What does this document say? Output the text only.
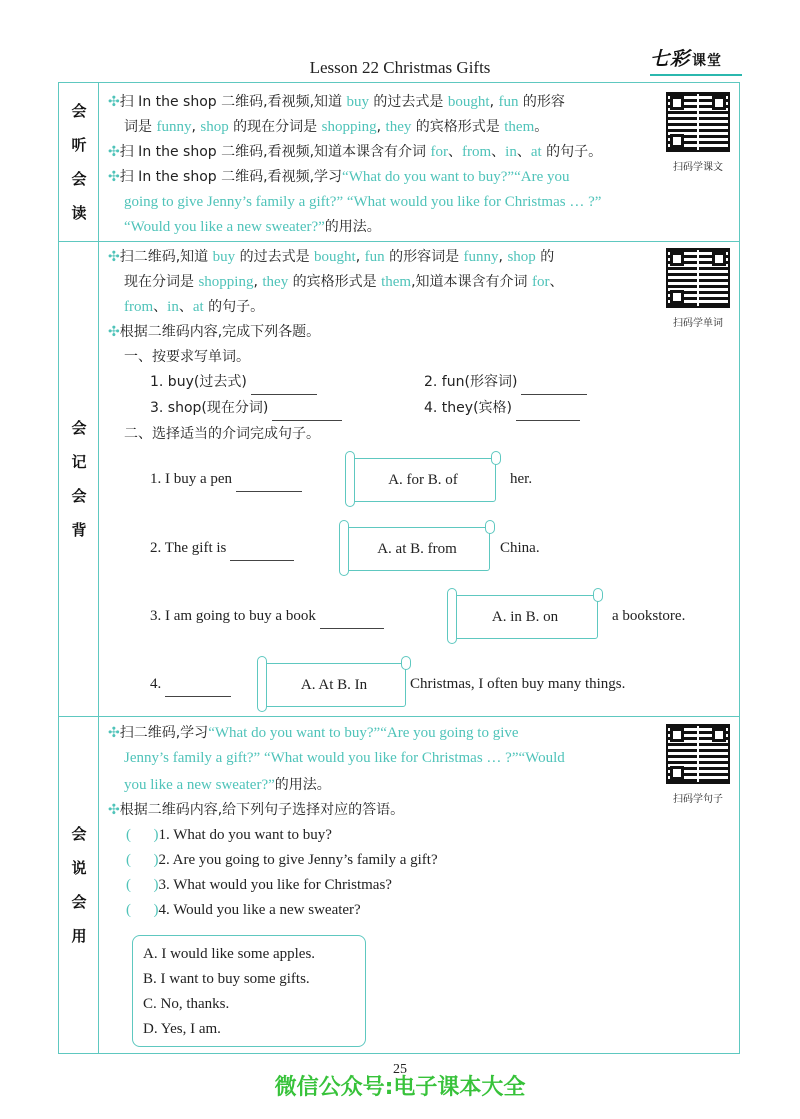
Lesson 22 Christmas Gifts	七彩 课堂
会
听
会
读
扫码学课文
✣扫 In the shop 二维码,看视频,知道 buy 的过去式是 bought, fun 的形容
词是 funny, shop 的现在分词是 shopping, they 的宾格形式是 them。
✣扫 In the shop 二维码,看视频,知道本课含有介词 for、from、in、at 的句子。
✣扫 In the shop 二维码,看视频,学习“What do you want to buy?”“Are you
going to give Jenny’s family a gift?” “What would you like for Christmas … ?”
“Would you like a new sweater?”的用法。
会
记
会
背
扫码学单词
✣扫二维码,知道 buy 的过去式是 bought, fun 的形容词是 funny, shop 的
现在分词是 shopping, they 的宾格形式是 them,知道本课含有介词 for、
from、in、at 的句子。
✣根据二维码内容,完成下列各题。
一、按要求写单词。
1. buy(过去式)	2. fun(形容词)
3. shop(现在分词)	4. they(宾格)
二、选择适当的介词完成句子。
1. I buy a pen	A. for B. of	her.
2. The gift is	A. at B. from	China.
3. I am going to buy a book	A. in B. on	a bookstore.
4.	A. At B. In	Christmas, I often buy many things.
会
说
会
用
扫码学句子
✣扫二维码,学习“What do you want to buy?”“Are you going to give
Jenny’s family a gift?” “What would you like for Christmas … ?”“Would
you like a new sweater?”的用法。
✣根据二维码内容,给下列句子选择对应的答语。
(      )1. What do you want to buy?
(      )2. Are you going to give Jenny’s family a gift?
(      )3. What would you like for Christmas?
(      )4. Would you like a new sweater?
A. I would like some apples.
B. I want to buy some gifts.
C. No, thanks.
D. Yes, I am.
25
微信公众号:电子课本大全
